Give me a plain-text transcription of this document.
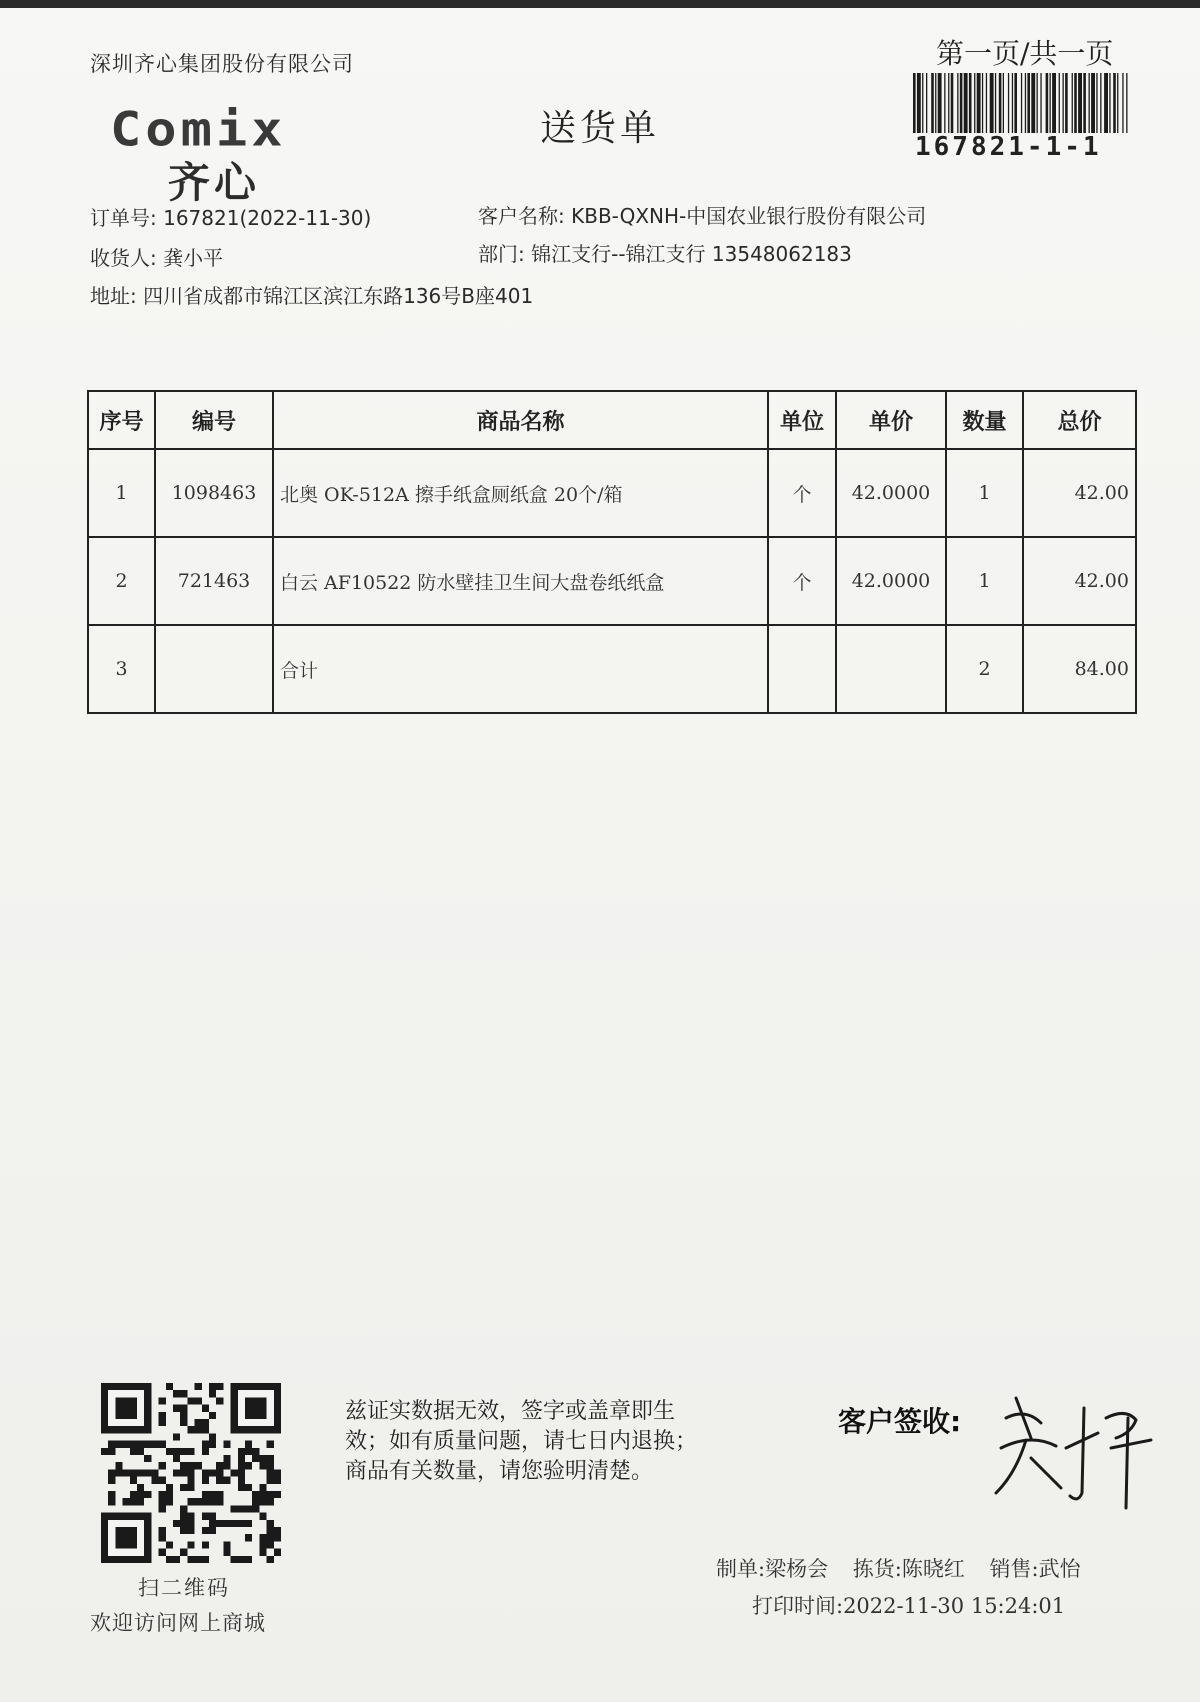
深圳齐心集团股份有限公司
Comix
齐心
送货单
第一页/共一页
167821-1-1
订单号: 167821(2022-11-30)	客户名称: KBB-QXNH-中国农业银行股份有限公司
收货人: 龚小平	部门: 锦江支行--锦江支行 13548062183
地址: 四川省成都市锦江区滨江东路136号B座401
序号	编号	商品名称	单位	单价	数量	总价
1	1098463	北奥 OK-512A 擦手纸盒厕纸盒 20个/箱	个	42.0000	1	42.00
2	721463	白云 AF10522 防水壁挂卫生间大盘卷纸纸盒	个	42.0000	1	42.00
3		合计			2	84.00
扫二维码
欢迎访问网上商城
兹证实数据无效，签字或盖章即生
效；如有质量问题，请七日内退换；
商品有关数量，请您验明清楚。
客户签收:
制单:梁杨会 拣货:陈晓红 销售:武怡
打印时间:2022-11-30 15:24:01
